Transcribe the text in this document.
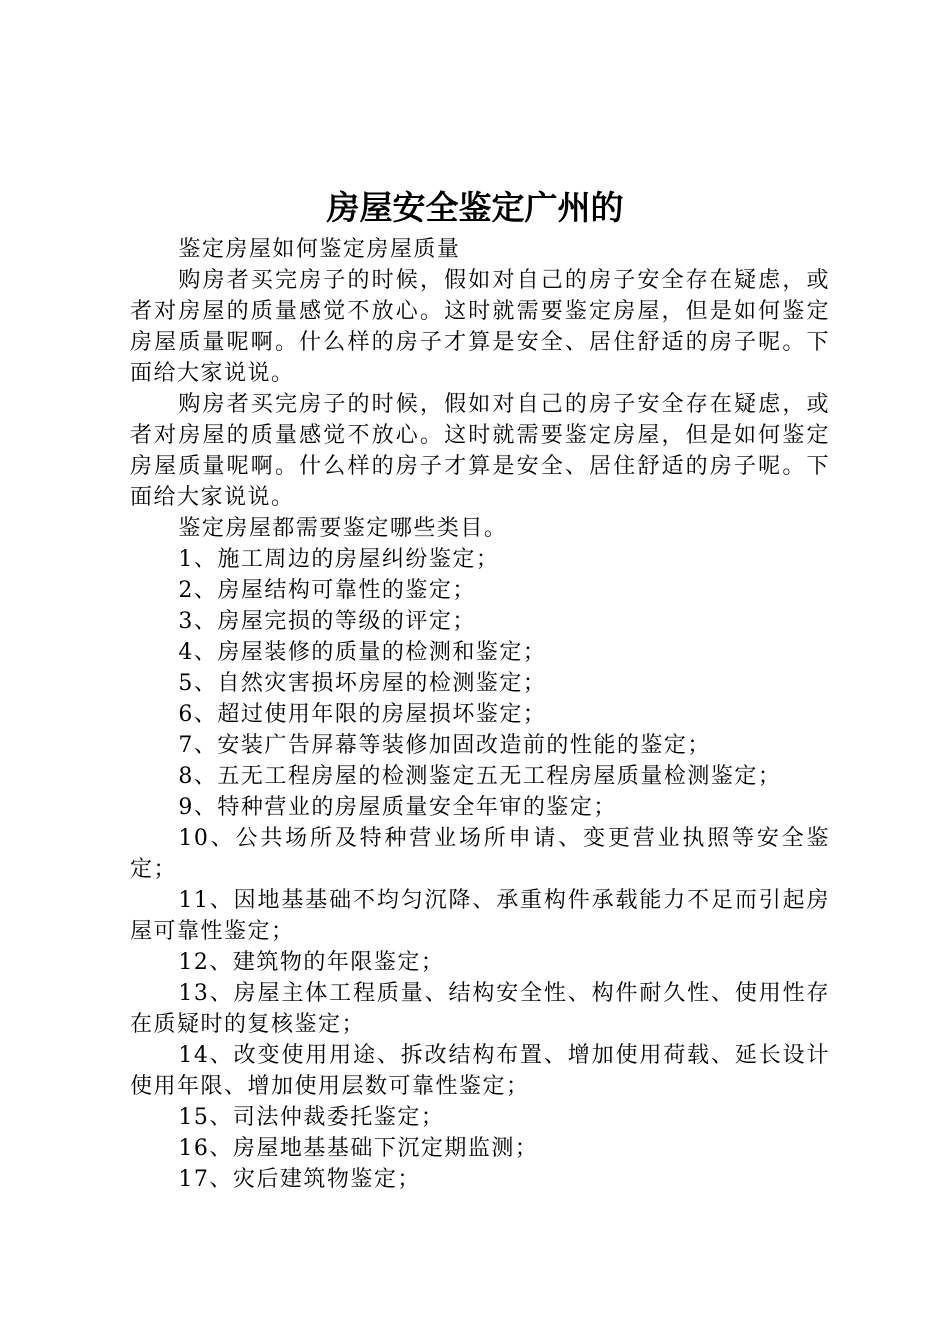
房屋安全鉴定广州的

鉴定房屋如何鉴定房屋质量

购房者买完房子的时候，假如对自己的房子安全存在疑虑，或者对房屋的质量感觉不放心。这时就需要鉴定房屋，但是如何鉴定房屋质量呢啊。什么样的房子才算是安全、居住舒适的房子呢。下面给大家说说。

购房者买完房子的时候，假如对自己的房子安全存在疑虑，或者对房屋的质量感觉不放心。这时就需要鉴定房屋，但是如何鉴定房屋质量呢啊。什么样的房子才算是安全、居住舒适的房子呢。下面给大家说说。

鉴定房屋都需要鉴定哪些类目。

1、施工周边的房屋纠纷鉴定；

2、房屋结构可靠性的鉴定；

3、房屋完损的等级的评定；

4、房屋装修的质量的检测和鉴定；

5、自然灾害损坏房屋的检测鉴定；

6、超过使用年限的房屋损坏鉴定；

7、安装广告屏幕等装修加固改造前的性能的鉴定；

8、五无工程房屋的检测鉴定五无工程房屋质量检测鉴定；

9、特种营业的房屋质量安全年审的鉴定；

10、公共场所及特种营业场所申请、变更营业执照等安全鉴定；

11、因地基基础不均匀沉降、承重构件承载能力不足而引起房屋可靠性鉴定；

12、建筑物的年限鉴定；

13、房屋主体工程质量、结构安全性、构件耐久性、使用性存在质疑时的复核鉴定；

14、改变使用用途、拆改结构布置、增加使用荷载、延长设计使用年限、增加使用层数可靠性鉴定；

15、司法仲裁委托鉴定；

16、房屋地基基础下沉定期监测；

17、灾后建筑物鉴定；
